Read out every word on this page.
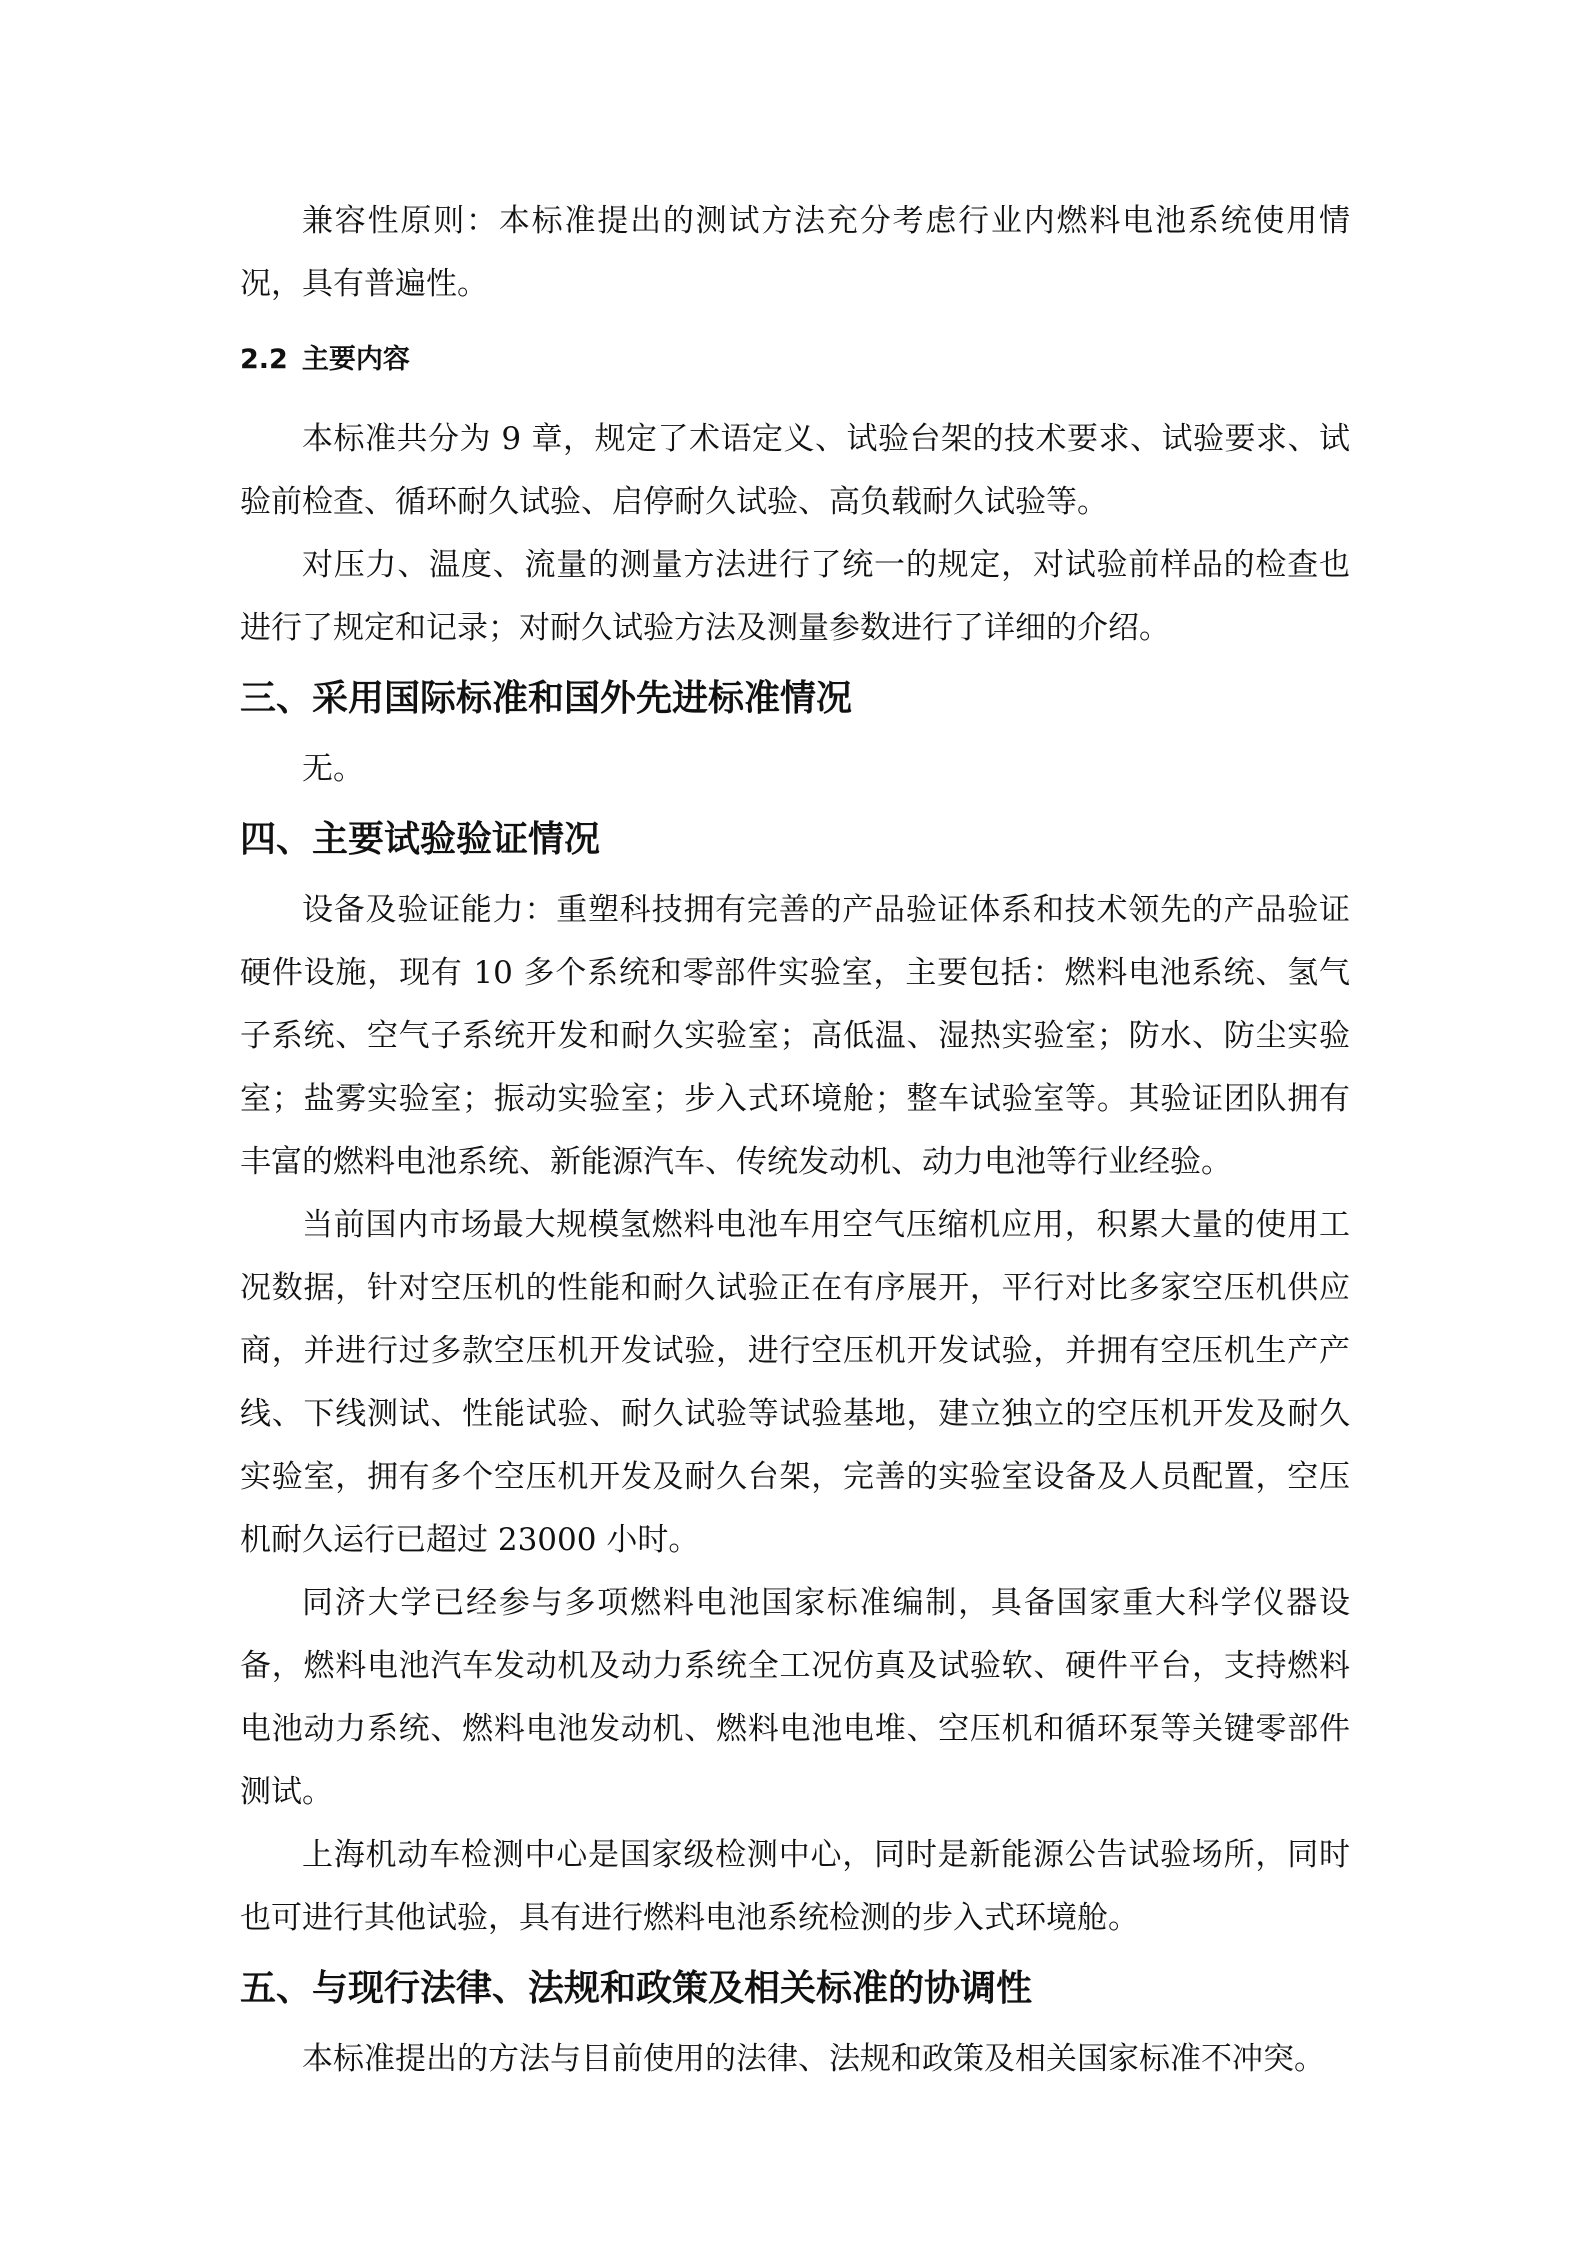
兼容性原则：本标准提出的测试方法充分考虑行业内燃料电池系统使用情况，具有普遍性。

2.2 主要内容

本标准共分为 9 章，规定了术语定义、试验台架的技术要求、试验要求、试验前检查、循环耐久试验、启停耐久试验、高负载耐久试验等。

对压力、温度、流量的测量方法进行了统一的规定，对试验前样品的检查也进行了规定和记录；对耐久试验方法及测量参数进行了详细的介绍。

三、采用国际标准和国外先进标准情况

无。

四、主要试验验证情况

设备及验证能力：重塑科技拥有完善的产品验证体系和技术领先的产品验证硬件设施，现有 10 多个系统和零部件实验室，主要包括：燃料电池系统、氢气子系统、空气子系统开发和耐久实验室；高低温、湿热实验室；防水、防尘实验室；盐雾实验室；振动实验室；步入式环境舱；整车试验室等。其验证团队拥有丰富的燃料电池系统、新能源汽车、传统发动机、动力电池等行业经验。

当前国内市场最大规模氢燃料电池车用空气压缩机应用，积累大量的使用工况数据，针对空压机的性能和耐久试验正在有序展开，平行对比多家空压机供应商，并进行过多款空压机开发试验，进行空压机开发试验，并拥有空压机生产产线、下线测试、性能试验、耐久试验等试验基地，建立独立的空压机开发及耐久实验室，拥有多个空压机开发及耐久台架，完善的实验室设备及人员配置，空压机耐久运行已超过 23000 小时。

同济大学已经参与多项燃料电池国家标准编制，具备国家重大科学仪器设备，燃料电池汽车发动机及动力系统全工况仿真及试验软、硬件平台，支持燃料电池动力系统、燃料电池发动机、燃料电池电堆、空压机和循环泵等关键零部件测试。

上海机动车检测中心是国家级检测中心，同时是新能源公告试验场所，同时也可进行其他试验，具有进行燃料电池系统检测的步入式环境舱。

五、与现行法律、法规和政策及相关标准的协调性

本标准提出的方法与目前使用的法律、法规和政策及相关国家标准不冲突。
